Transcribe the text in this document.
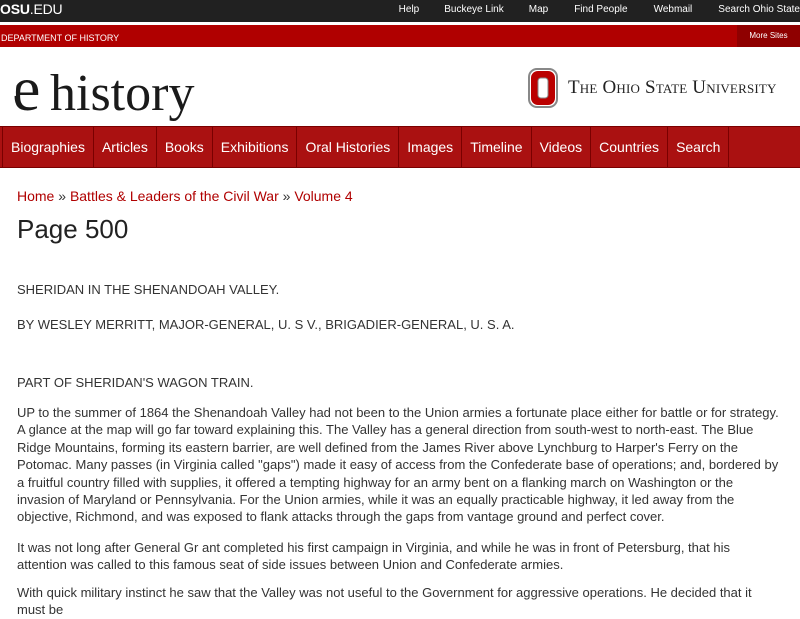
OSU.EDU	Help	Buckeye Link	Map	Find People	Webmail	Search Ohio State
DEPARTMENT OF HISTORY	More Sites
e history	O
The Ohio State University
Biographies	Articles	Books	Exhibitions	Oral Histories	Images	Timeline	Videos	Countries	Search
Home » Battles & Leaders of the Civil War » Volume 4
Page 500

SHERIDAN IN THE SHENANDOAH VALLEY.

BY WESLEY MERRITT, MAJOR-GENERAL, U. S V., BRIGADIER-GENERAL, U. S. A.

PART OF SHERIDAN'S WAGON TRAIN.

UP to the summer of 1864 the Shenandoah Valley had not been to the Union armies a fortunate place either for battle or for strategy. A glance at the map will go far toward explaining this. The Valley has a general direction from south-west to north-east. The Blue Ridge Mountains, forming its eastern barrier, are well defined from the James River above Lynchburg to Harper's Ferry on the Potomac. Many passes (in Virginia called "gaps") made it easy of access from the Confederate base of operations; and, bordered by a fruitful country filled with supplies, it offered a tempting highway for an army bent on a flanking march on Washington or the invasion of Maryland or Pennsylvania. For the Union armies, while it was an equally practicable highway, it led away from the objective, Richmond, and was exposed to flank attacks through the gaps from vantage ground and perfect cover.

It was not long after General Gr ant completed his first campaign in Virginia, and while he was in front of Petersburg, that his attention was called to this famous seat of side issues between Union and Confederate armies.

With quick military instinct he saw that the Valley was not useful to the Government for aggressive operations. He decided that it must be
